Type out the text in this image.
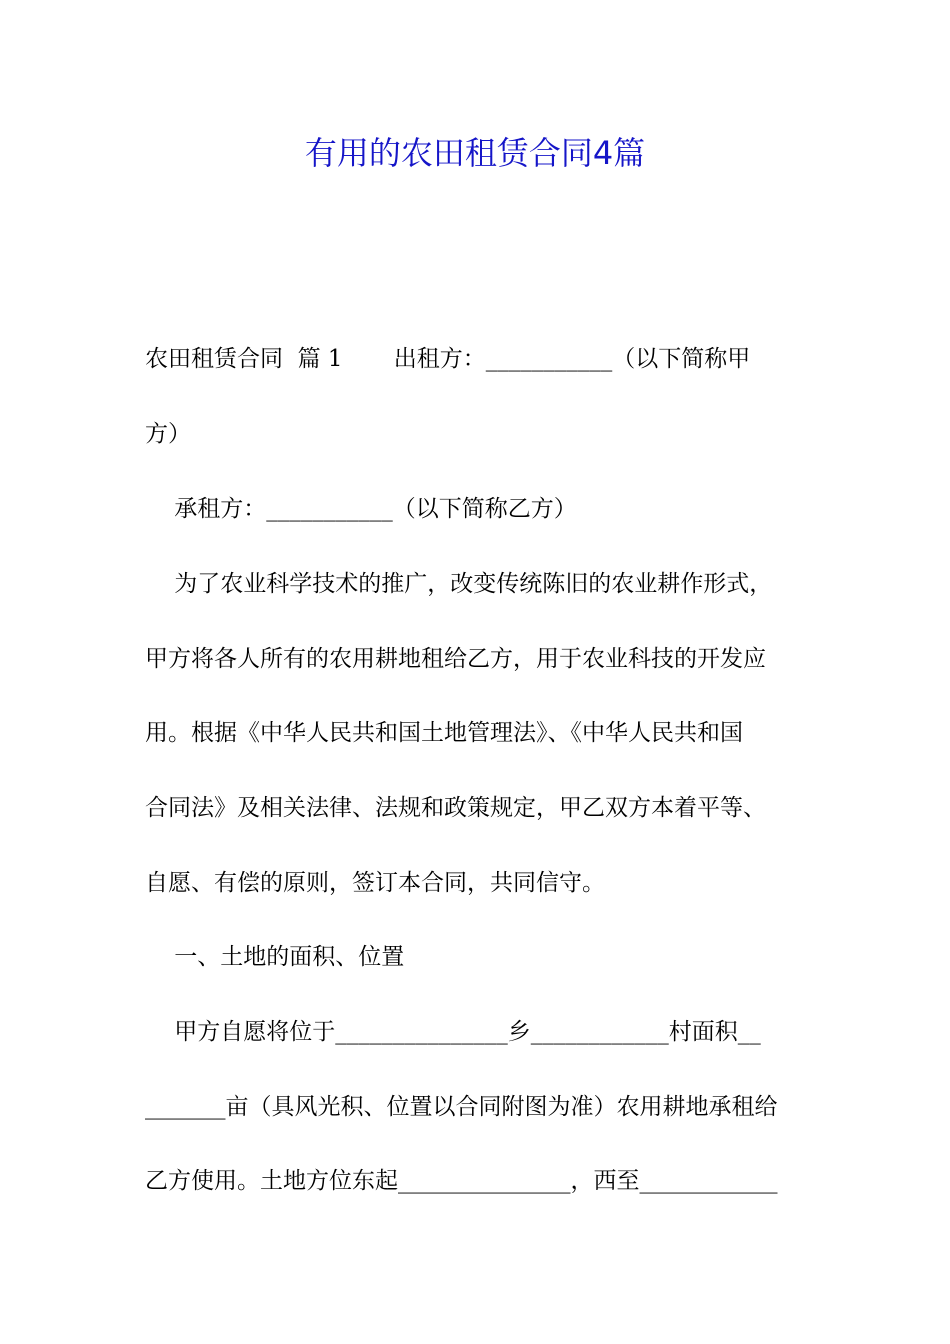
有用的农田租赁合同4篇
农田租赁合同  篇 1       出租方：___________（以下简称甲
方）
承租方：___________（以下简称乙方）
为了农业科学技术的推广，改变传统陈旧的农业耕作形式，
甲方将各人所有的农用耕地租给乙方，用于农业科技的开发应
用。根据《中华人民共和国土地管理法》、《中华人民共和国
合同法》及相关法律、法规和政策规定，甲乙双方本着平等、
自愿、有偿的原则，签订本合同，共同信守。
一、土地的面积、位置
甲方自愿将位于_______________乡____________村面积__
_______亩（具风光积、位置以合同附图为准）农用耕地承租给
乙方使用。土地方位东起_______________，西至____________
